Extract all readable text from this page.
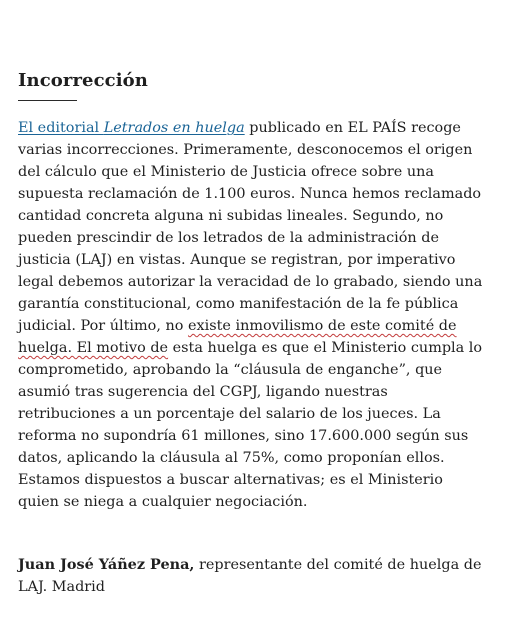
Incorrección

El editorial Letrados en huelga publicado en EL PAÍS recoge varias incorrecciones. Primeramente, desconocemos el origen del cálculo que el Ministerio de Justicia ofrece sobre una supuesta reclamación de 1.100 euros. Nunca hemos reclamado cantidad concreta alguna ni subidas lineales. Segundo, no pueden prescindir de los letrados de la administración de justicia (LAJ) en vistas. Aunque se registran, por imperativo legal debemos autorizar la veracidad de lo grabado, siendo una garantía constitucional, como manifestación de la fe pública judicial. Por último, no existe inmovilismo de este comité de huelga. El motivo de esta huelga es que el Ministerio cumpla lo comprometido, aprobando la “cláusula de enganche”, que asumió tras sugerencia del CGPJ, ligando nuestras retribuciones a un porcentaje del salario de los jueces. La reforma no supondría 61 millones, sino 17.600.000 según sus datos, aplicando la cláusula al 75%, como proponían ellos. Estamos dispuestos a buscar alternativas; es el Ministerio quien se niega a cualquier negociación.

Juan José Yáñez Pena, representante del comité de huelga de LAJ. Madrid
